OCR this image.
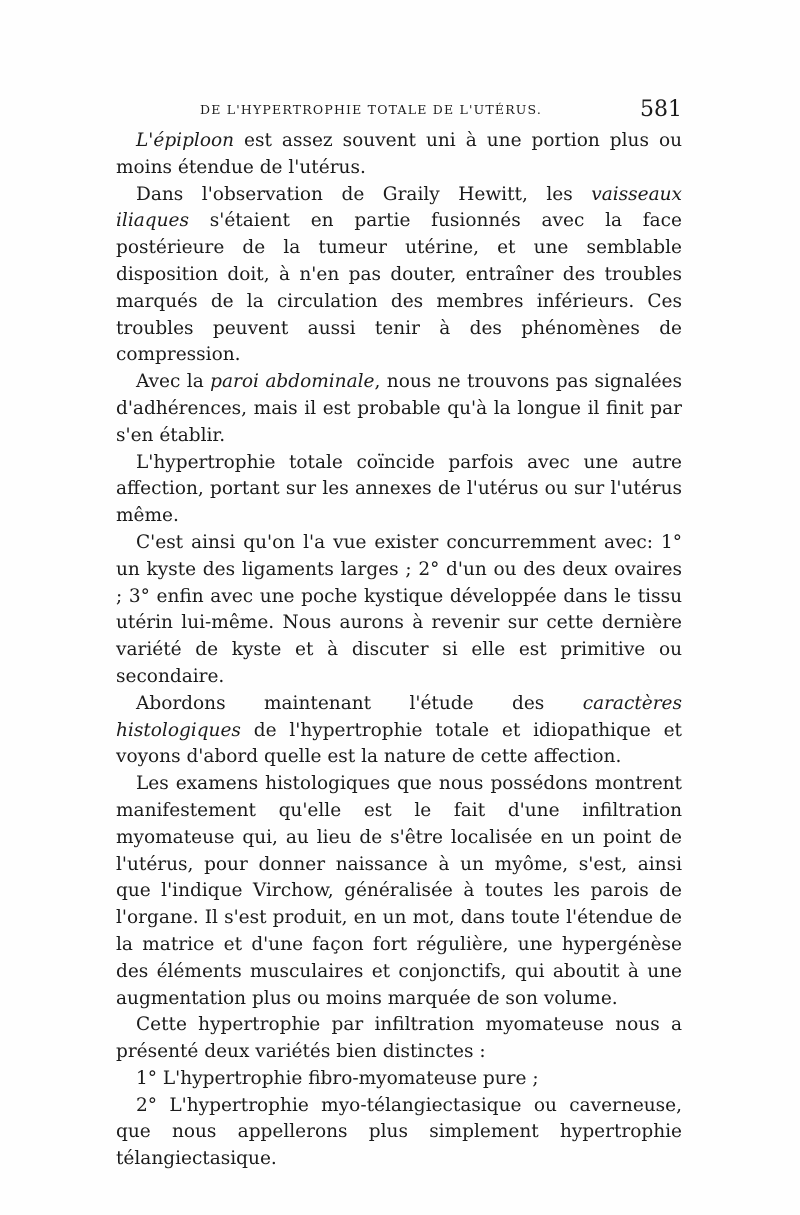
DE L'HYPERTROPHIE TOTALE DE L'UTÉRUS.	581

L'épiploon est assez souvent uni à une portion plus ou moins étendue de l'utérus.

Dans l'observation de Graily Hewitt, les vaisseaux iliaques s'étaient en partie fusionnés avec la face postérieure de la tumeur utérine, et une semblable disposition doit, à n'en pas douter, entraîner des troubles marqués de la circulation des membres inférieurs. Ces troubles peuvent aussi tenir à des phénomènes de compression.

Avec la paroi abdominale, nous ne trouvons pas signalées d'adhérences, mais il est probable qu'à la longue il finit par s'en établir.

L'hypertrophie totale coïncide parfois avec une autre affection, portant sur les annexes de l'utérus ou sur l'utérus même.

C'est ainsi qu'on l'a vue exister concurremment avec: 1° un kyste des ligaments larges ; 2° d'un ou des deux ovaires ; 3° enfin avec une poche kystique développée dans le tissu utérin lui-même. Nous aurons à revenir sur cette dernière variété de kyste et à discuter si elle est primitive ou secondaire.

Abordons maintenant l'étude des caractères histologiques de l'hypertrophie totale et idiopathique et voyons d'abord quelle est la nature de cette affection.

Les examens histologiques que nous possédons montrent manifestement qu'elle est le fait d'une infiltration myomateuse qui, au lieu de s'être localisée en un point de l'utérus, pour donner naissance à un myôme, s'est, ainsi que l'indique Virchow, généralisée à toutes les parois de l'organe. Il s'est produit, en un mot, dans toute l'étendue de la matrice et d'une façon fort régulière, une hypergénèse des éléments musculaires et conjonctifs, qui aboutit à une augmentation plus ou moins marquée de son volume.

Cette hypertrophie par infiltration myomateuse nous a présenté deux variétés bien distinctes :

1° L'hypertrophie fibro-myomateuse pure ;

2° L'hypertrophie myo-télangiectasique ou caverneuse, que nous appellerons plus simplement hypertrophie télangiectasique.
